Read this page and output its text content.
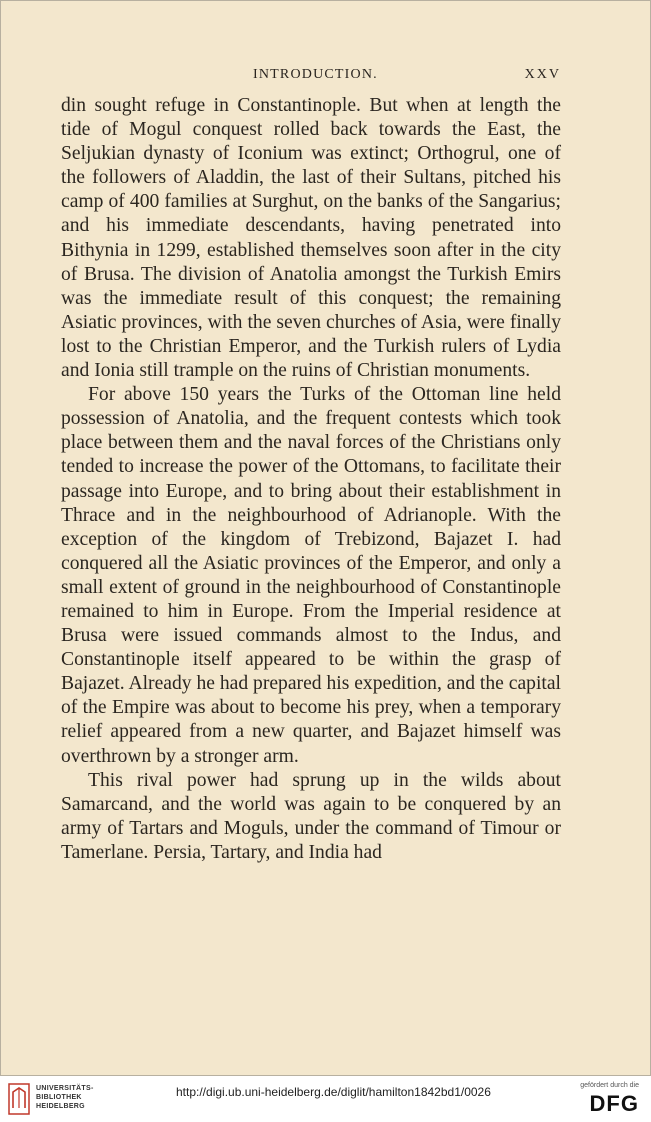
INTRODUCTION.	XXV

din sought refuge in Constantinople. But when at length the tide of Mogul conquest rolled back towards the East, the Seljukian dynasty of Iconium was extinct; Orthogrul, one of the followers of Aladdin, the last of their Sultans, pitched his camp of 400 families at Surghut, on the banks of the Sangarius; and his immediate descendants, having penetrated into Bithynia in 1299, established themselves soon after in the city of Brusa. The division of Anatolia amongst the Turkish Emirs was the immediate result of this conquest; the remaining Asiatic provinces, with the seven churches of Asia, were finally lost to the Christian Emperor, and the Turkish rulers of Lydia and Ionia still trample on the ruins of Christian monuments.

For above 150 years the Turks of the Ottoman line held possession of Anatolia, and the frequent contests which took place between them and the naval forces of the Christians only tended to increase the power of the Ottomans, to facilitate their passage into Europe, and to bring about their establishment in Thrace and in the neighbourhood of Adrianople. With the exception of the kingdom of Trebizond, Bajazet I. had conquered all the Asiatic provinces of the Emperor, and only a small extent of ground in the neighbourhood of Constantinople remained to him in Europe. From the Imperial residence at Brusa were issued commands almost to the Indus, and Constantinople itself appeared to be within the grasp of Bajazet. Already he had prepared his expedition, and the capital of the Empire was about to become his prey, when a temporary relief appeared from a new quarter, and Bajazet himself was overthrown by a stronger arm.

This rival power had sprung up in the wilds about Samarcand, and the world was again to be conquered by an army of Tartars and Moguls, under the command of Timour or Tamerlane. Persia, Tartary, and India had

UNIVERSITÄTS-
BIBLIOTHEK
HEIDELBERG
http://digi.ub.uni-heidelberg.de/diglit/hamilton1842bd1/0026	gefördert durch die
DFG
